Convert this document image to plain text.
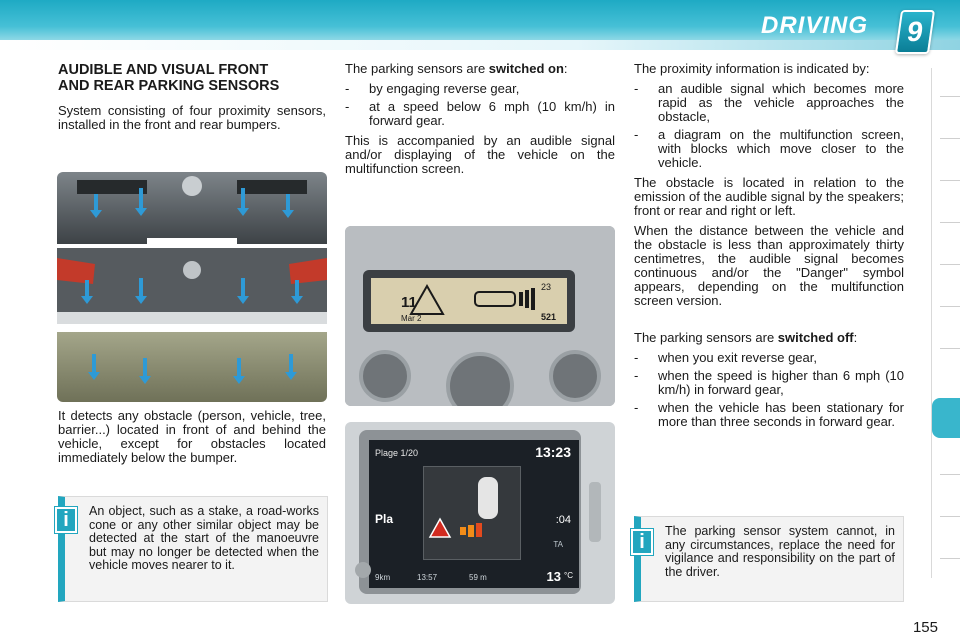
DRIVING	9
AUDIBLE AND VISUAL FRONT
AND REAR PARKING SENSORS

System consisting of four proximity sensors, installed in the front and rear bumpers.

It detects any obstacle (person, vehicle, tree, barrier...) located in front of and behind the vehicle, except for obstacles located immediately below the bumper.

An object, such as a stake, a road-works cone or any other similar object may be detected at the start of the manoeuvre but may no longer be detected when the vehicle moves nearer to it.

i

The parking sensors are switched on:

- by engaging reverse gear,
- at a speed below 6 mph (10 km/h) in forward gear.

This is accompanied by an audible signal and/or displaying of the vehicle on the multifunction screen.

11
Mar 2
23
521
Plage 1/20	13:23
Pla	:04
TA
9km	13:57	59 m	13 °C

The proximity information is indicated by:

- an audible signal which becomes more rapid as the vehicle approaches the obstacle,
- a diagram on the multifunction screen, with blocks which move closer to the vehicle.

The obstacle is located in relation to the emission of the audible signal by the speakers; front or rear and right or left.

When the distance between the vehicle and the obstacle is less than approximately thirty centimetres, the audible signal becomes continuous and/or the "Danger" symbol appears, depending on the multifunction screen version.

The parking sensors are switched off:

- when you exit reverse gear,
- when the speed is higher than 6 mph (10 km/h) in forward gear,
- when the vehicle has been stationary for more than three seconds in forward gear.

The parking sensor system cannot, in any circumstances, replace the need for vigilance and responsibility on the part of the driver.

i
155
